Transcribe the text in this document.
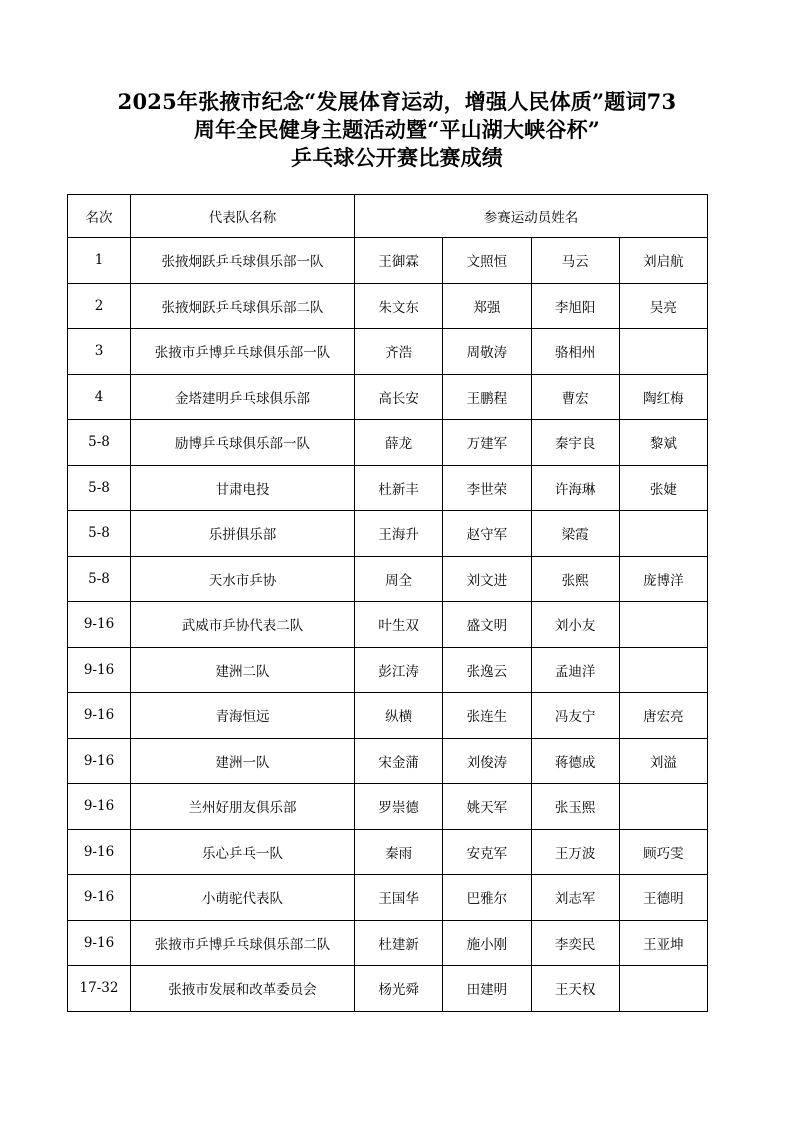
2025年张掖市纪念“发展体育运动，增强人民体质”题词73
周年全民健身主题活动暨“平山湖大峡谷杯”
乒乓球公开赛比赛成绩
名次	代表队名称	参赛运动员姓名			
1	张掖炯跃乒乓球俱乐部一队	王御霖	文照恒	马云	刘启航
2	张掖炯跃乒乓球俱乐部二队	朱文东	郑强	李旭阳	吴亮
3	张掖市乒博乒乓球俱乐部一队	齐浩	周敬涛	骆相州	
4	金塔建明乒乓球俱乐部	高长安	王鹏程	曹宏	陶红梅
5-8	励博乒乓球俱乐部一队	薛龙	万建军	秦宇良	黎斌
5-8	甘肃电投	杜新丰	李世荣	许海琳	张婕
5-8	乐拼俱乐部	王海升	赵守军	梁霞	
5-8	天水市乒协	周全	刘文进	张熙	庞博洋
9-16	武威市乒协代表二队	叶生双	盛文明	刘小友	
9-16	建洲二队	彭江涛	张逸云	孟迪洋	
9-16	青海恒远	纵横	张连生	冯友宁	唐宏亮
9-16	建洲一队	宋金蒲	刘俊涛	蒋德成	刘溢
9-16	兰州好朋友俱乐部	罗崇德	姚天军	张玉熙	
9-16	乐心乒乓一队	秦雨	安克军	王万波	顾巧雯
9-16	小萌驼代表队	王国华	巴雅尔	刘志军	王德明
9-16	张掖市乒博乒乓球俱乐部二队	杜建新	施小刚	李奕民	王亚坤
17-32	张掖市发展和改革委员会	杨光舜	田建明	王天权	
